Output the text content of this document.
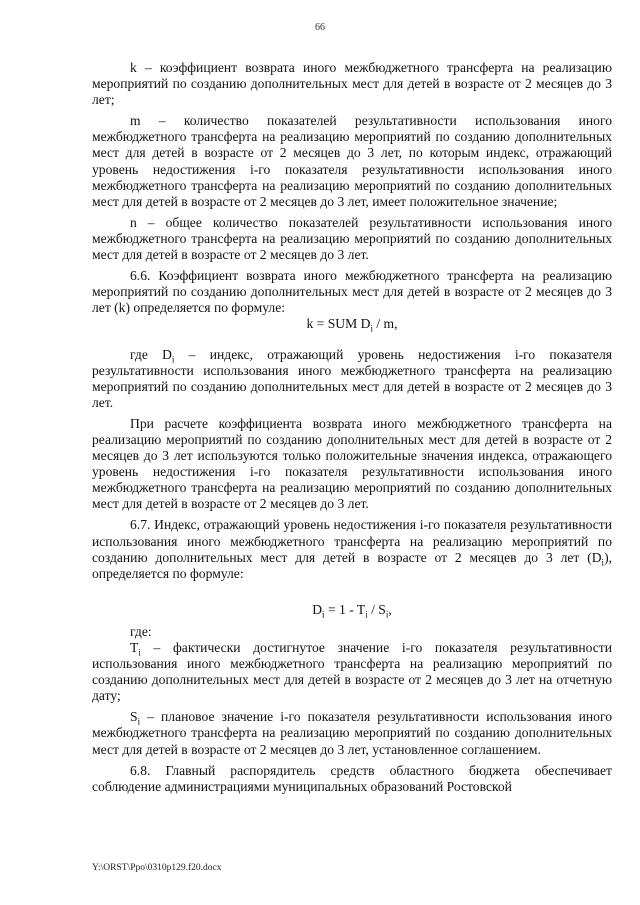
66

k – коэффициент возврата иного межбюджетного трансферта на реализацию мероприятий по созданию дополнительных мест для детей в возрасте от 2 месяцев до 3 лет;

m – количество показателей результативности использования иного межбюджетного трансферта на реализацию мероприятий по созданию дополнительных мест для детей в возрасте от 2 месяцев до 3 лет, по которым индекс, отражающий уровень недостижения i-го показателя результативности использования иного межбюджетного трансферта на реализацию мероприятий по созданию дополнительных мест для детей в возрасте от 2 месяцев до 3 лет, имеет положительное значение;

n – общее количество показателей результативности использования иного межбюджетного трансферта на реализацию мероприятий по созданию дополнительных мест для детей в возрасте от 2 месяцев до 3 лет.

6.6. Коэффициент возврата иного межбюджетного трансферта на реализацию мероприятий по созданию дополнительных мест для детей в возрасте от 2 месяцев до 3 лет (k) определяется по формуле:

k = SUM $D_i$ / m,

где $D_i$ – индекс, отражающий уровень недостижения i-го показателя результативности использования иного межбюджетного трансферта на реализацию мероприятий по созданию дополнительных мест для детей в возрасте от 2 месяцев до 3 лет.

При расчете коэффициента возврата иного межбюджетного трансферта на реализацию мероприятий по созданию дополнительных мест для детей в возрасте от 2 месяцев до 3 лет используются только положительные значения индекса, отражающего уровень недостижения i-го показателя результативности использования иного межбюджетного трансферта на реализацию мероприятий по созданию дополнительных мест для детей в возрасте от 2 месяцев до 3 лет.

6.7. Индекс, отражающий уровень недостижения i-го показателя результативности использования иного межбюджетного трансферта на реализацию мероприятий по созданию дополнительных мест для детей в возрасте от 2 месяцев до 3 лет $(D_i)$, определяется по формуле:

$D_i = 1 - T_i / S_i$,

где:

$T_i$ – фактически достигнутое значение i-го показателя результативности использования иного межбюджетного трансферта на реализацию мероприятий по созданию дополнительных мест для детей в возрасте от 2 месяцев до 3 лет на отчетную дату;

$S_i$ – плановое значение i-го показателя результативности использования иного межбюджетного трансферта на реализацию мероприятий по созданию дополнительных мест для детей в возрасте от 2 месяцев до 3 лет, установленное соглашением.

6.8. Главный распорядитель средств областного бюджета обеспечивает соблюдение администрациями муниципальных образований Ростовской

Y:\ORST\Ppo\0310p129.f20.docx
